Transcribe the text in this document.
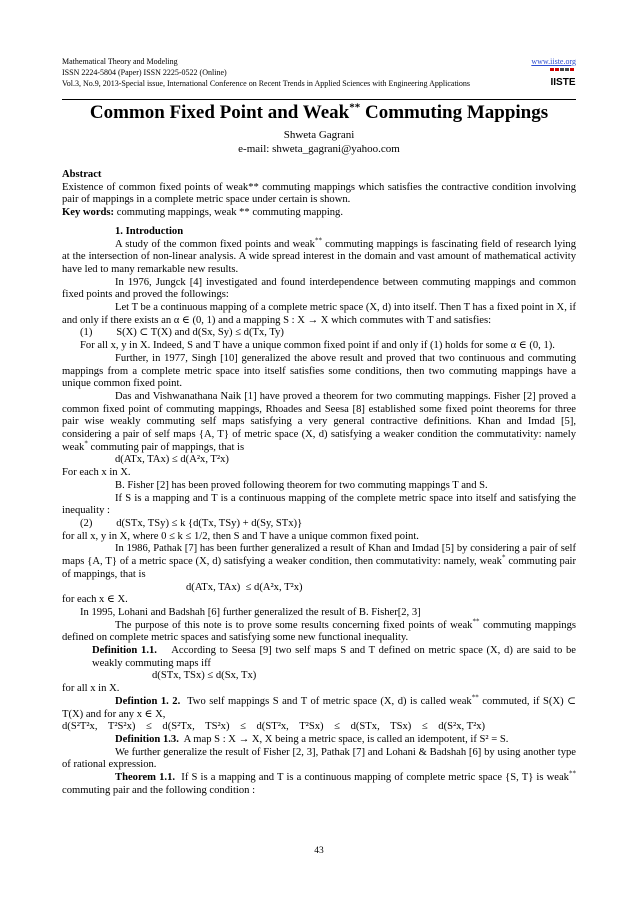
Mathematical Theory and Modeling
ISSN 2224-5804 (Paper) ISSN 2225-0522 (Online)
Vol.3, No.9, 2013-Special issue, International Conference on Recent Trends in Applied Sciences with Engineering Applications
www.iiste.org
IISTE
Common Fixed Point and Weak** Commuting Mappings
Shweta Gagrani
e-mail: shweta_gagrani@yahoo.com

Abstract

Existence of common fixed points of weak** commuting mappings which satisfies the contractive condition involving pair of mappings in a complete metric space under certain is shown.

Key words: commuting mappings, weak ** commuting mapping.

1. Introduction

A study of the common fixed points and weak** commuting mappings is fascinating field of research lying at the intersection of non-linear analysis. A wide spread interest in the domain and vast amount of mathematical activity have led to many remarkable new results.

In 1976, Jungck [4] investigated and found interdependence between commuting mappings and common fixed points and proved the followings:

Let T be a continuous mapping of a complete metric space (X, d) into itself. Then T has a fixed point in X, if and only if there exists an α ∈ (0, 1) and a mapping S : X → X which commutes with T and satisfies:

(1)         S(X) ⊂ T(X) and d(Sx, Sy) ≤ d(Tx, Ty)

For all x, y in X. Indeed, S and T have a unique common fixed point if and only if (1) holds for some α ∈ (0, 1).

Further, in 1977, Singh [10] generalized the above result and proved that two continuous and commuting mappings from a complete metric space into itself satisfies some conditions, then two commuting mappings have a unique common fixed point.

Das and Vishwanathana Naik [1] have proved a theorem for two commuting mappings. Fisher [2] proved a common fixed point of commuting mappings, Rhoades and Seesa [8] established some fixed point theorems for three pair wise weakly commuting self maps satisfying a very general contractive definitions. Khan and Imdad [5], considering a pair of self maps {A, T} of metric space (X, d) satisfying a weaker condition the commutativity: namely weak* commuting pair of mappings, that is

d(ATx, TAx) ≤ d(A²x, T²x)

For each x in X.

B. Fisher [2] has been proved following theorem for two commuting mappings T and S.

If S is a mapping and T is a continuous mapping of the complete metric space into itself and satisfying the inequality :

(2)         d(STx, TSy) ≤ k {d(Tx, TSy) + d(Sy, STx)}

for all x, y in X, where 0 ≤ k ≤ 1/2, then S and T have a unique common fixed point.

In 1986, Pathak [7] has been further generalized a result of Khan and Imdad [5] by considering a pair of self maps {A, T} of a metric space (X, d) satisfying a weaker condition, then commutativity: namely, weak* commuting pair of mappings, that is

d(ATx, TAx)  ≤ d(A²x, T²x)

for each x ∈ X.

In 1995, Lohani and Badshah [6] further generalized the result of B. Fisher[2, 3]

The purpose of this note is to prove some results concerning fixed points of weak** commuting mappings defined on complete metric spaces and satisfying some new functional inequality.

Definition 1.1.    According to Seesa [9] two self maps S and T defined on metric space (X, d) are said to be weakly commuting maps iff

d(STx, TSx) ≤ d(Sx, Tx)

for all x in X.

Defintion 1. 2.  Two self mappings S and T of metric space (X, d) is called weak** commuted, if S(X) ⊂ T(X) and for any x ∈ X,

d(S²T²x,    T²S²x)    ≤    d(S²Tx,    TS²x)    ≤    d(ST²x,    T²Sx)    ≤    d(STx,    TSx)    ≤    d(S²x, T²x)

Definition 1.3.  A map S : X → X, X being a metric space, is called an idempotent, if S² = S.

We further generalize the result of Fisher [2, 3], Pathak [7] and Lohani & Badshah [6] by using another type of rational expression.

Theorem 1.1.  If S is a mapping and T is a continuous mapping of complete metric space {S, T} is weak** commuting pair and the following condition :

43
